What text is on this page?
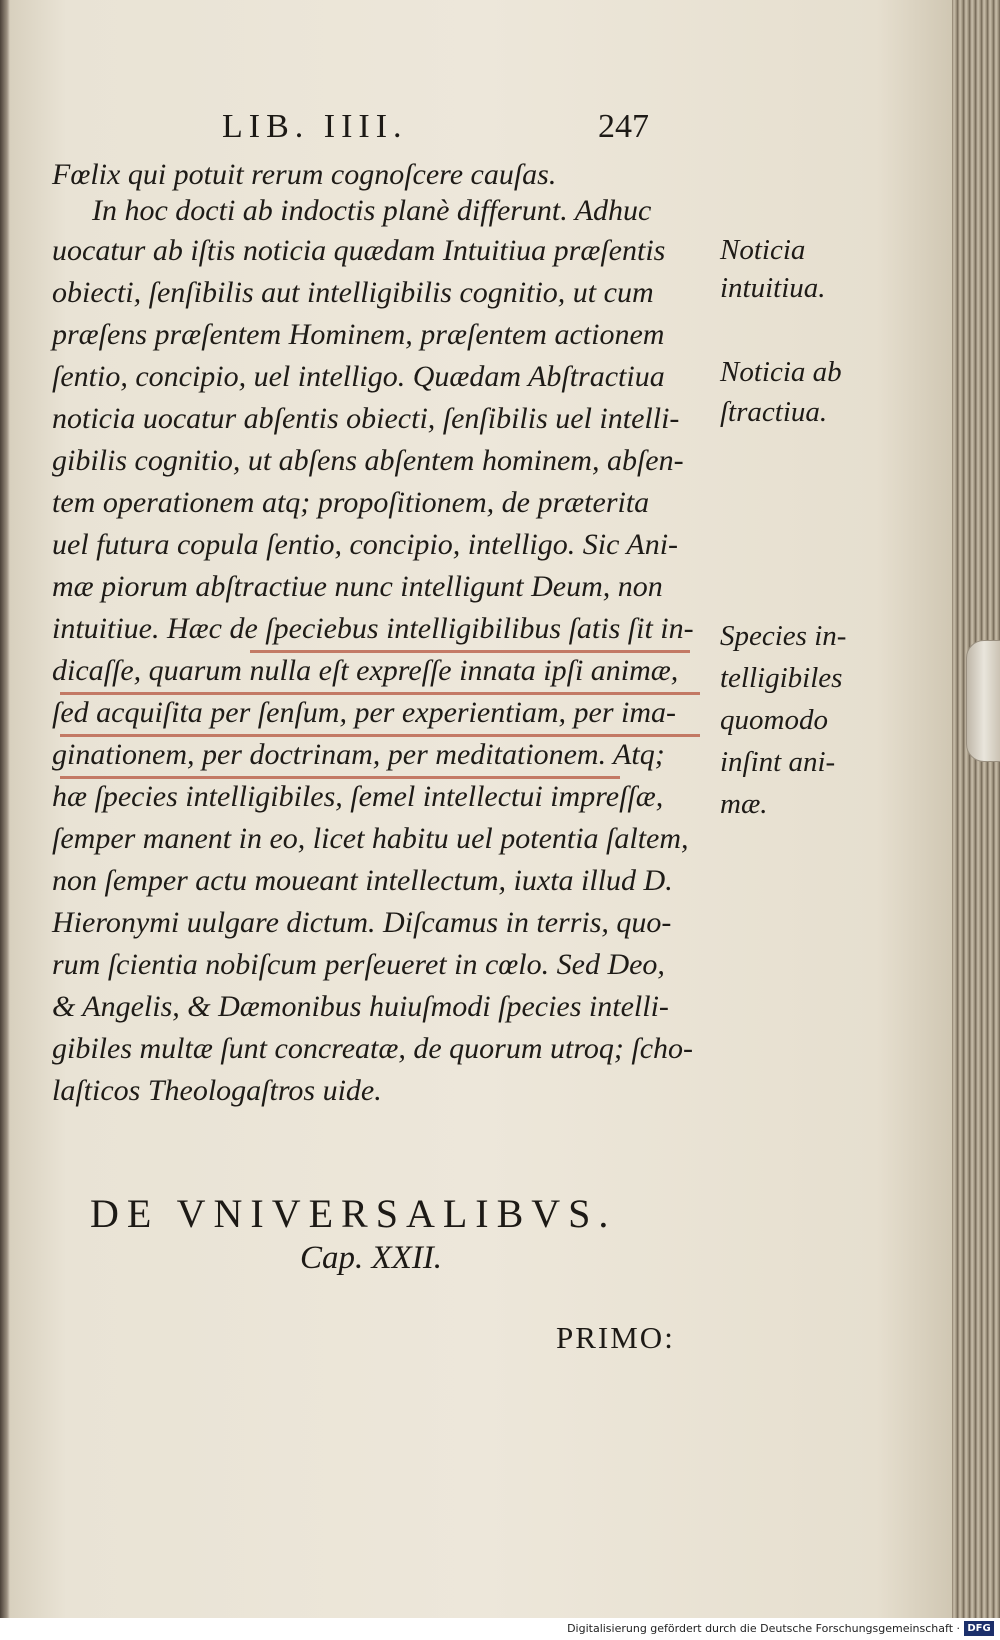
LIB. IIII.	247
Fœlix qui potuit rerum cognoſcere cauſas.
In hoc docti ab indoctis planè differunt. Adhuc
uocatur ab iſtis noticia quædam Intuitiua præſentis
obiecti, ſenſibilis aut intelligibilis cognitio, ut cum
præſens præſentem Hominem, præſentem actionem
ſentio, concipio, uel intelligo. Quædam Abſtractiua
noticia uocatur abſentis obiecti, ſenſibilis uel intelli-
gibilis cognitio, ut abſens abſentem hominem, abſen-
tem operationem atq; propoſitionem, de præterita
uel futura copula ſentio, concipio, intelligo. Sic Ani-
mæ piorum abſtractiue nunc intelligunt Deum, non
intuitiue. Hæc de ſpeciebus intelligibilibus ſatis ſit in-
dicaſſe, quarum nulla eſt expreſſe innata ipſi animæ,
ſed acquiſita per ſenſum, per experientiam, per ima-
ginationem, per doctrinam, per meditationem. Atq;
hæ ſpecies intelligibiles, ſemel intellectui impreſſæ,
ſemper manent in eo, licet habitu uel potentia ſaltem,
non ſemper actu moueant intellectum, iuxta illud D.
Hieronymi uulgare dictum. Diſcamus in terris, quo-
rum ſcientia nobiſcum perſeueret in cœlo. Sed Deo,
& Angelis, & Dæmonibus huiuſmodi ſpecies intelli-
gibiles multæ ſunt concreatæ, de quorum utroq; ſcho-
laſticos Theologaſtros uide.
Noticia
intuitiua.
Noticia ab
ſtractiua.
Species in-
telligibiles
quomodo
inſint ani-
mæ.
DE VNIVERSALIBVS.
Cap. XXII.
PRIMO:
Digitalisierung gefördert durch die Deutsche Forschungsgemeinschaft · DFG
